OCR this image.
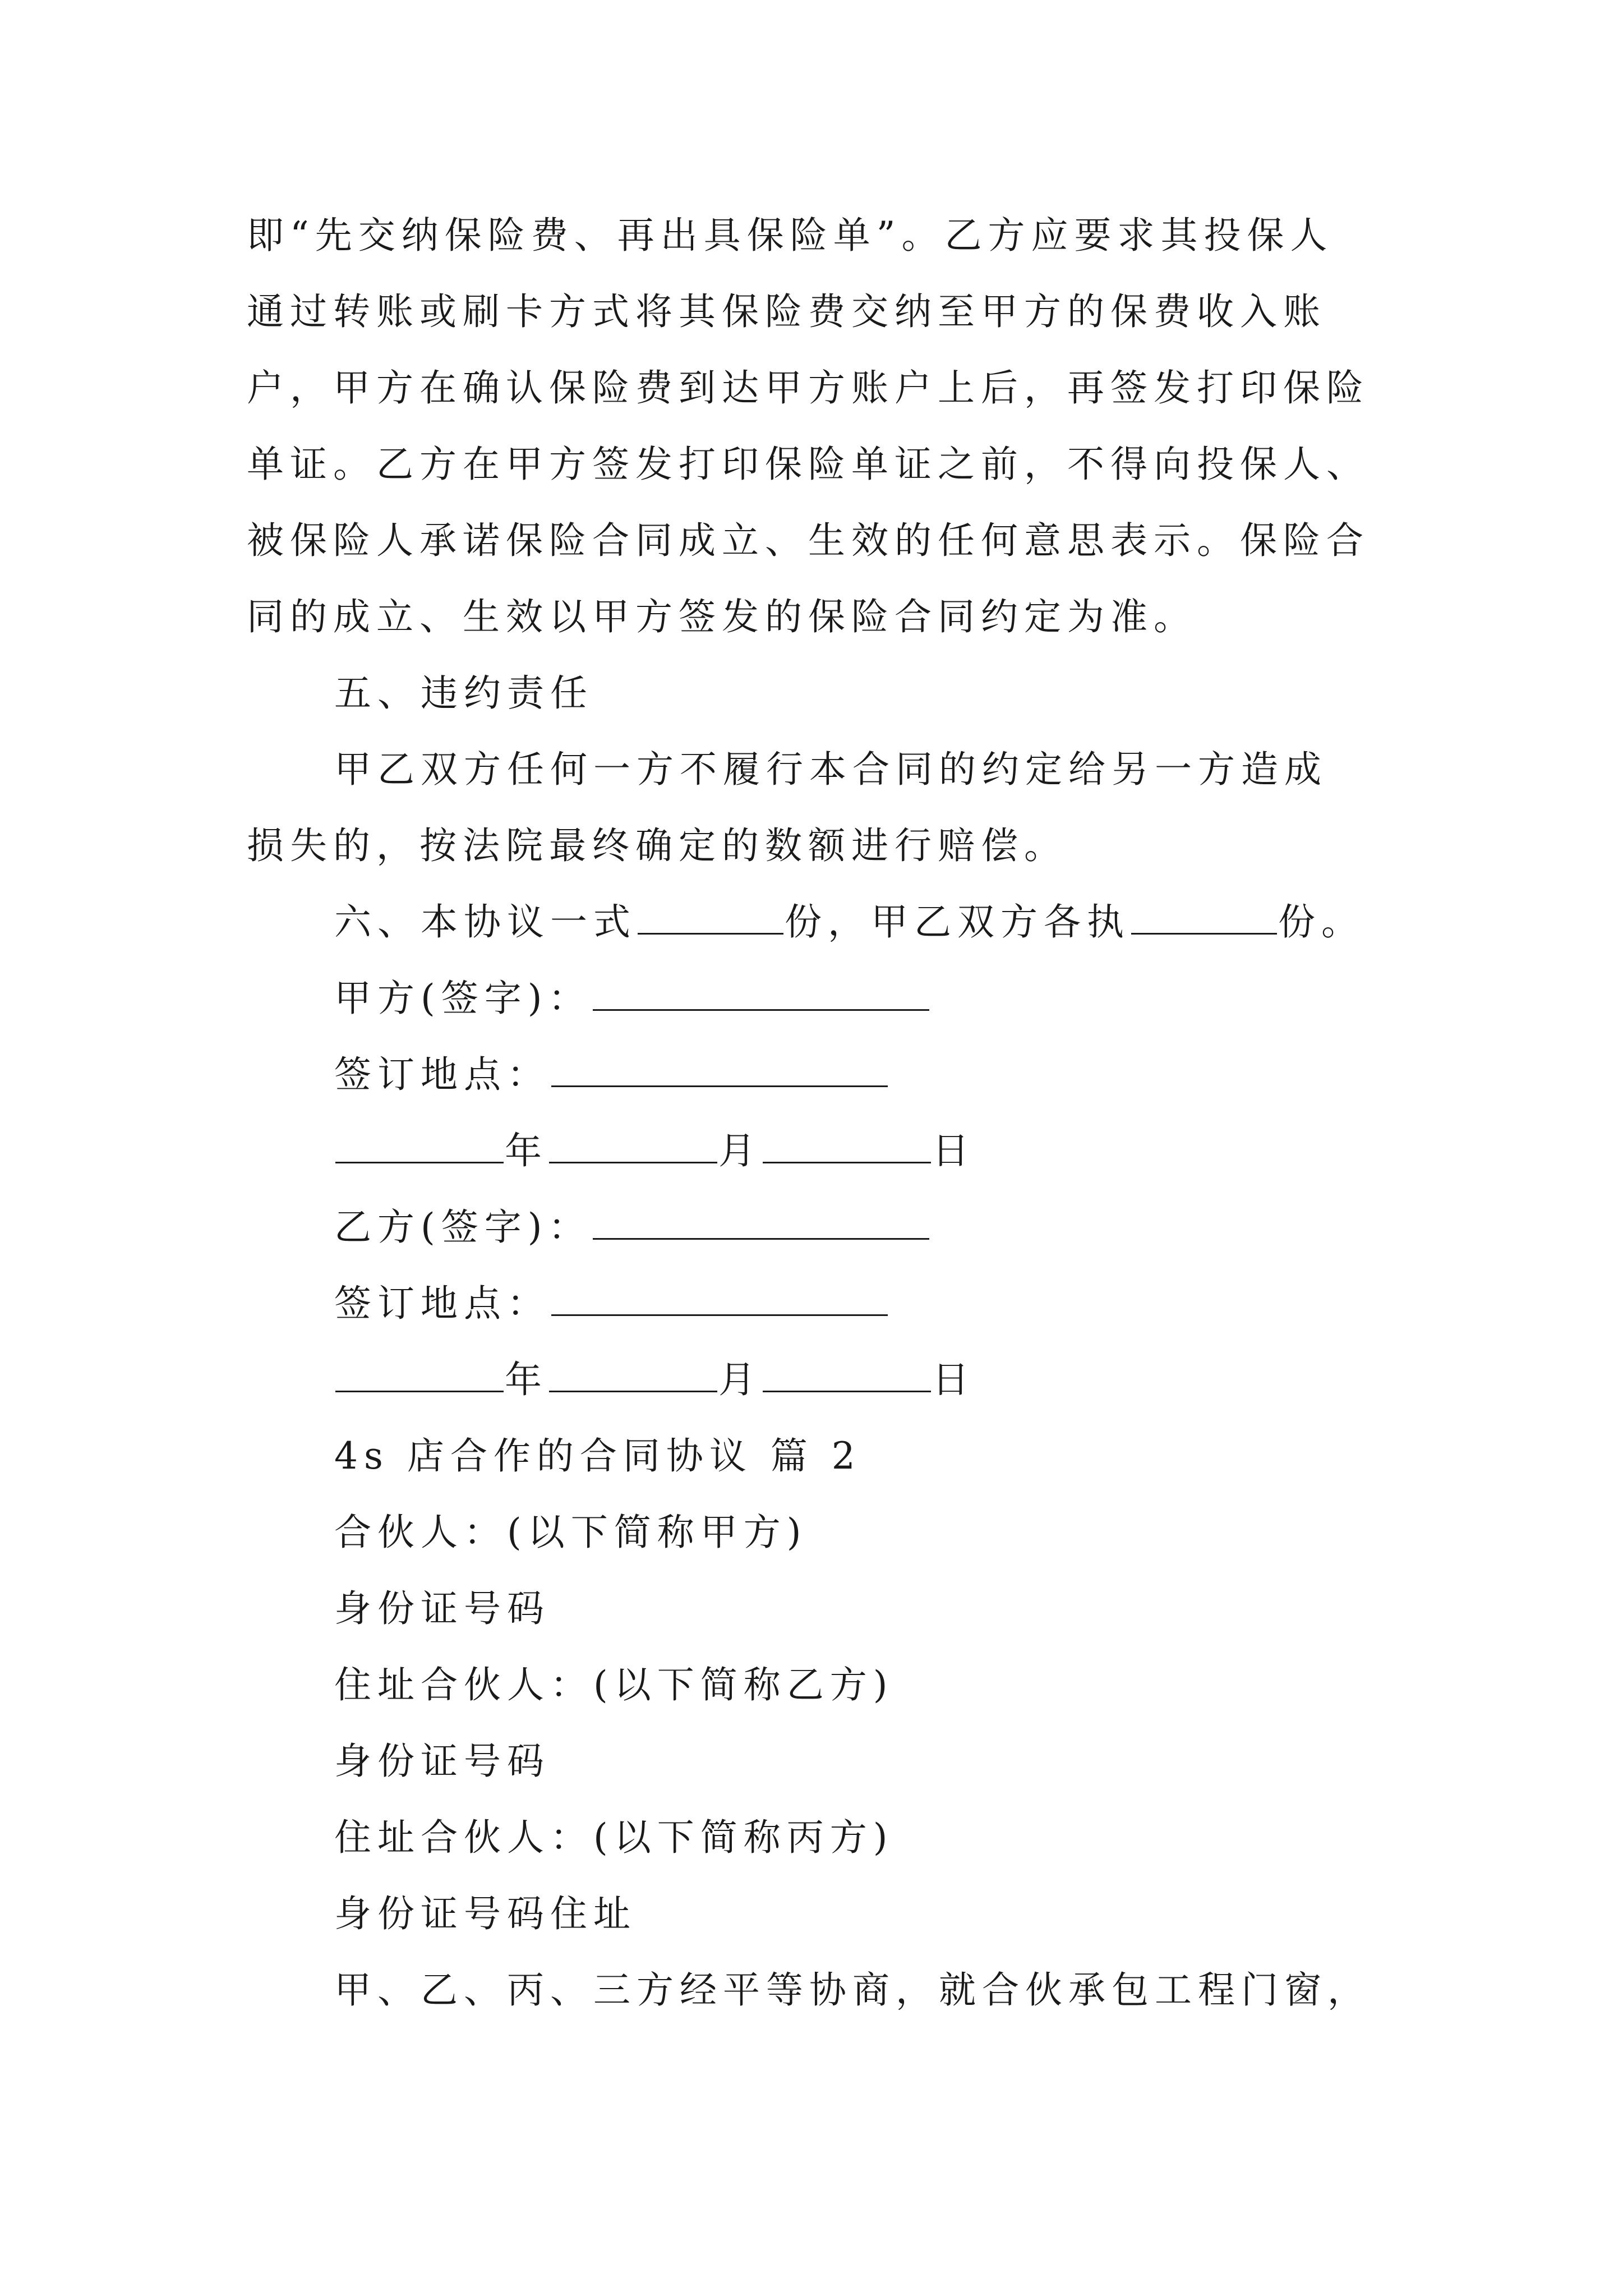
即“先交纳保险费、再出具保险单”。乙方应要求其投保人
通过转账或刷卡方式将其保险费交纳至甲方的保费收入账
户，甲方在确认保险费到达甲方账户上后，再签发打印保险
单证。乙方在甲方签发打印保险单证之前，不得向投保人、
被保险人承诺保险合同成立、生效的任何意思表示。保险合
同的成立、生效以甲方签发的保险合同约定为准。
五、违约责任
甲乙双方任何一方不履行本合同的约定给另一方造成
损失的，按法院最终确定的数额进行赔偿。
六、本协议一式	份，甲乙双方各执	份。
甲方(签字)：
签订地点：
年	月	日
乙方(签字)：
签订地点：
年	月	日
4s 店合作的合同协议 篇 2
合伙人：(以下简称甲方)
身份证号码
住址合伙人：(以下简称乙方)
身份证号码
住址合伙人：(以下简称丙方)
身份证号码住址
甲、乙、丙、三方经平等协商，就合伙承包工程门窗，
